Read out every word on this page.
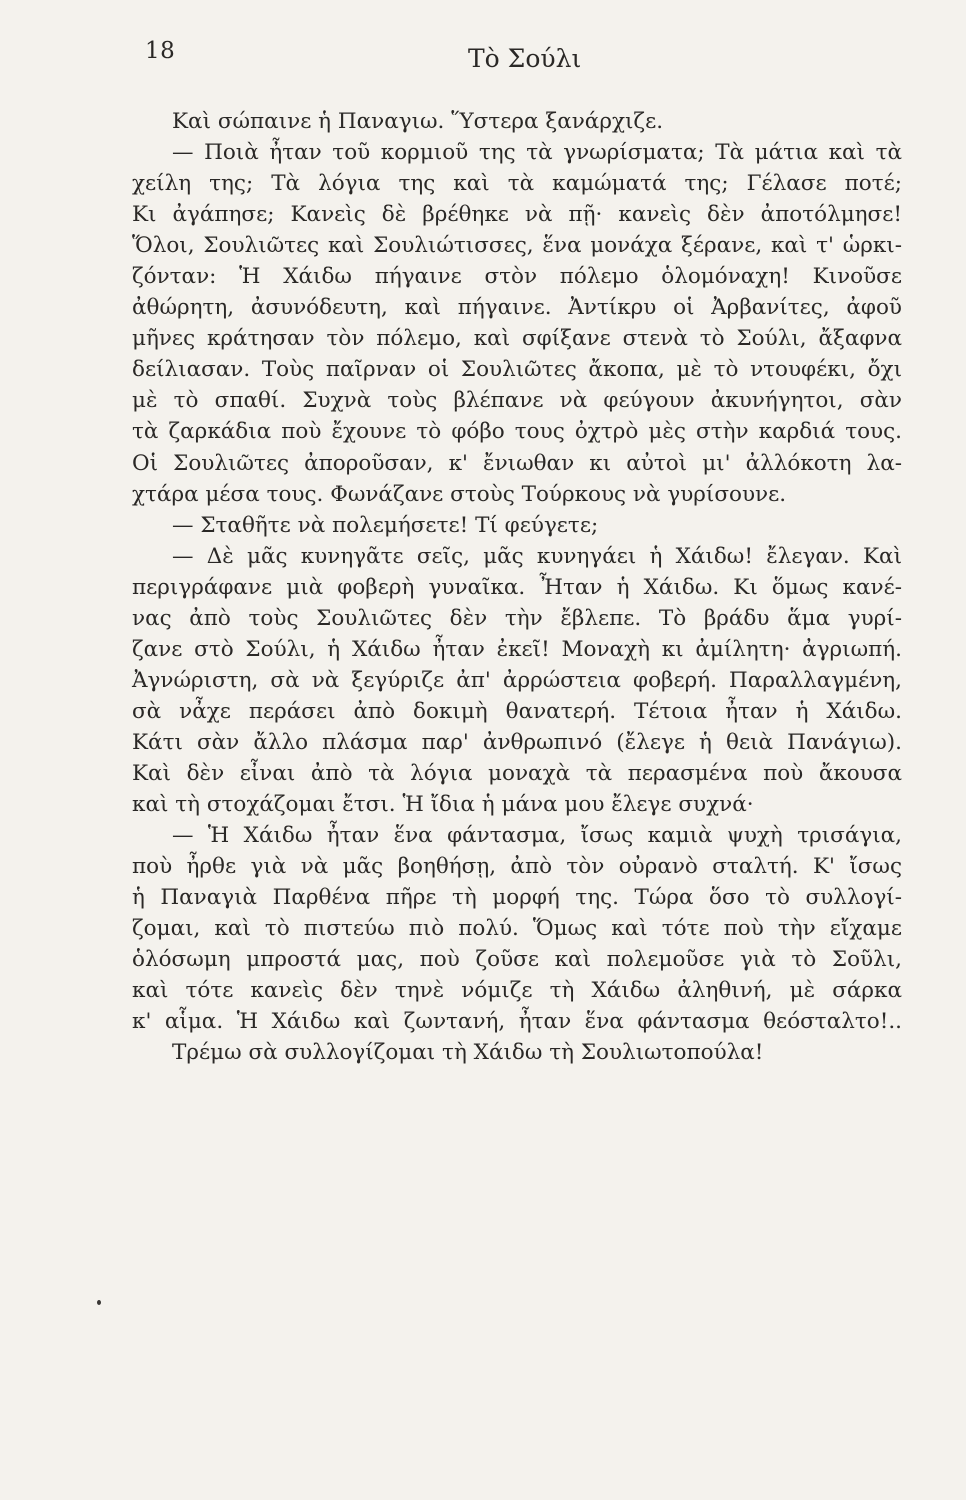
18	Τὸ Σούλι
Καὶ σώπαινε ἡ Παναγιω. Ὕστερα ξανάρχιζε.
— Ποιὰ ἦταν τοῦ κορμιοῦ της τὰ γνωρίσματα; Τὰ μάτια καὶ τὰ
χείλη της; Τὰ λόγια της καὶ τὰ καμώματά της; Γέλασε ποτέ;
Κι ἀγάπησε; Κανεὶς δὲ βρέθηκε νὰ πῇ· κανεὶς δὲν ἀποτόλμησε!
Ὅλοι, Σουλιῶτες καὶ Σουλιώτισσες, ἕνα μονάχα ξέρανε, καὶ τ' ὡρκι-
ζόνταν: Ἡ Χάιδω πήγαινε στὸν πόλεμο ὁλομόναχη! Κινοῦσε
ἀθώρητη, ἀσυνόδευτη, καὶ πήγαινε. Ἀντίκρυ οἱ Ἀρβανίτες, ἀφοῦ
μῆνες κράτησαν τὸν πόλεμο, καὶ σφίξανε στενὰ τὸ Σούλι, ἄξαφνα
δείλιασαν. Τοὺς παῖρναν οἱ Σουλιῶτες ἄκοπα, μὲ τὸ ντουφέκι, ὄχι
μὲ τὸ σπαθί. Συχνὰ τοὺς βλέπανε νὰ φεύγουν ἀκυνήγητοι, σὰν
τὰ ζαρκάδια ποὺ ἔχουνε τὸ φόβο τους ὀχτρὸ μὲς στὴν καρδιά τους.
Οἱ Σουλιῶτες ἀποροῦσαν, κ' ἔνιωθαν κι αὐτοὶ μι' ἀλλόκοτη λα-
χτάρα μέσα τους. Φωνάζανε στοὺς Τούρκους νὰ γυρίσουνε.
— Σταθῆτε νὰ πολεμήσετε! Τί φεύγετε;
— Δὲ μᾶς κυνηγᾶτε σεῖς, μᾶς κυνηγάει ἡ Χάιδω! ἔλεγαν. Καὶ
περιγράφανε μιὰ φοβερὴ γυναῖκα. Ἦταν ἡ Χάιδω. Κι ὅμως κανέ-
νας ἀπὸ τοὺς Σουλιῶτες δὲν τὴν ἔβλεπε. Τὸ βράδυ ἅμα γυρί-
ζανε στὸ Σούλι, ἡ Χάιδω ἦταν ἐκεῖ! Μοναχὴ κι ἀμίλητη· ἀγριωπή.
Ἀγνώριστη, σὰ νὰ ξεγύριζε ἀπ' ἀρρώστεια φοβερή. Παραλλαγμένη,
σὰ νἆχε περάσει ἀπὸ δοκιμὴ θανατερή. Τέτοια ἦταν ἡ Χάιδω.
Κάτι σὰν ἄλλο πλάσμα παρ' ἀνθρωπινό (ἔλεγε ἡ θειὰ Πανάγιω).
Καὶ δὲν εἶναι ἀπὸ τὰ λόγια μοναχὰ τὰ περασμένα ποὺ ἄκουσα
καὶ τὴ στοχάζομαι ἔτσι. Ἡ ἴδια ἡ μάνα μου ἔλεγε συχνά·
— Ἡ Χάιδω ἦταν ἕνα φάντασμα, ἴσως καμιὰ ψυχὴ τρισάγια,
ποὺ ἦρθε γιὰ νὰ μᾶς βοηθήσῃ, ἀπὸ τὸν οὐρανὸ σταλτή. Κ' ἴσως
ἡ Παναγιὰ Παρθένα πῆρε τὴ μορφή της. Τώρα ὅσο τὸ συλλογί-
ζομαι, καὶ τὸ πιστεύω πιὸ πολύ. Ὅμως καὶ τότε ποὺ τὴν εἴχαμε
ὁλόσωμη μπροστά μας, ποὺ ζοῦσε καὶ πολεμοῦσε γιὰ τὸ Σοῦλι,
καὶ τότε κανεὶς δὲν τηνὲ νόμιζε τὴ Χάιδω ἀληθινή, μὲ σάρκα
κ' αἷμα. Ἡ Χάιδω καὶ ζωντανή, ἦταν ἕνα φάντασμα θεόσταλτο!..
Τρέμω σὰ συλλογίζομαι τὴ Χάιδω τὴ Σουλιωτοπούλα!
